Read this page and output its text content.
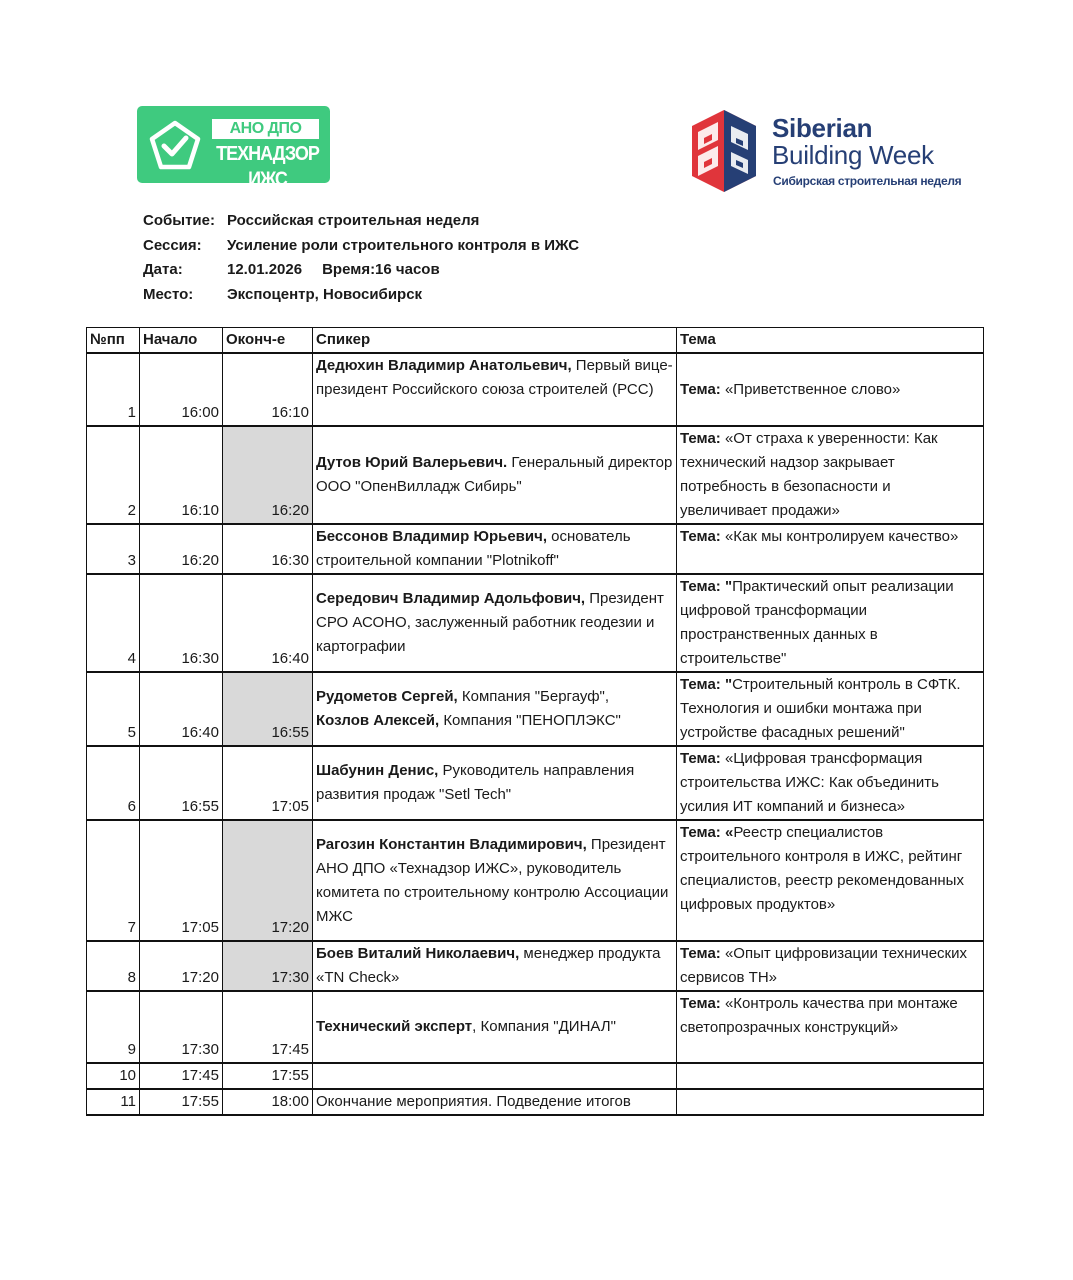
АНО ДПО
ТЕХНАДЗОР ИЖС
Siberian
Building Week
Сибирская строительная неделя
Событие: Российская строительная неделя
Сессия: Усиление роли строительного контроля в ИЖС
Дата:	12.01.2026 Время:16 часов
Место: Экспоцентр, Новосибирск
№пп	Начало	Оконч-е	Спикер	Тема
1	16:00	16:10	Дедюхин Владимир Анатольевич, Первый вице-президент Российского союза строителей (РСС)	Тема: «Приветственное слово»
2	16:10	16:20	Дутов Юрий Валерьевич. Генеральный директор ООО "ОпенВилладж Сибирь"	Тема: «От страха к уверенности: Как технический надзор закрывает потребность в безопасности и увеличивает продажи»
3	16:20	16:30	Бессонов Владимир Юрьевич, основатель строительной компании "Plotnikoff"	Тема: «Как мы контролируем качество»
4	16:30	16:40	Середович Владимир Адольфович, Президент СРО АСОНО, заслуженный работник геодезии и картографии	Тема: "Практический опыт реализации цифровой трансформации пространственных данных в строительстве"
5	16:40	16:55	Рудометов Сергей, Компания "Бергауф",
Козлов Алексей, Компания "ПЕНОПЛЭКС"	Тема: "Строительный контроль в СФТК. Технология и ошибки монтажа при устройстве фасадных решений"
6	16:55	17:05	Шабунин Денис, Руководитель направления развития продаж "Setl Tech"	Тема: «Цифровая трансформация строительства ИЖС: Как объединить усилия ИТ компаний и бизнеса»
7	17:05	17:20	Рагозин Константин Владимирович, Президент АНО ДПО «Технадзор ИЖС», руководитель комитета по строительному контролю Ассоциации МЖС	Тема: «Реестр специалистов строительного контроля в ИЖС, рейтинг специалистов, реестр рекомендованных цифровых продуктов»
8	17:20	17:30	Боев Виталий Николаевич, менеджер продукта «TN Check»	Тема: «Опыт цифровизации технических сервисов ТН»
9	17:30	17:45	Технический эксперт, Компания "ДИНАЛ"	Тема: «Контроль качества при монтаже светопрозрачных конструкций»
10	17:45	17:55		
11	17:55	18:00	Окончание мероприятия. Подведение итогов	
